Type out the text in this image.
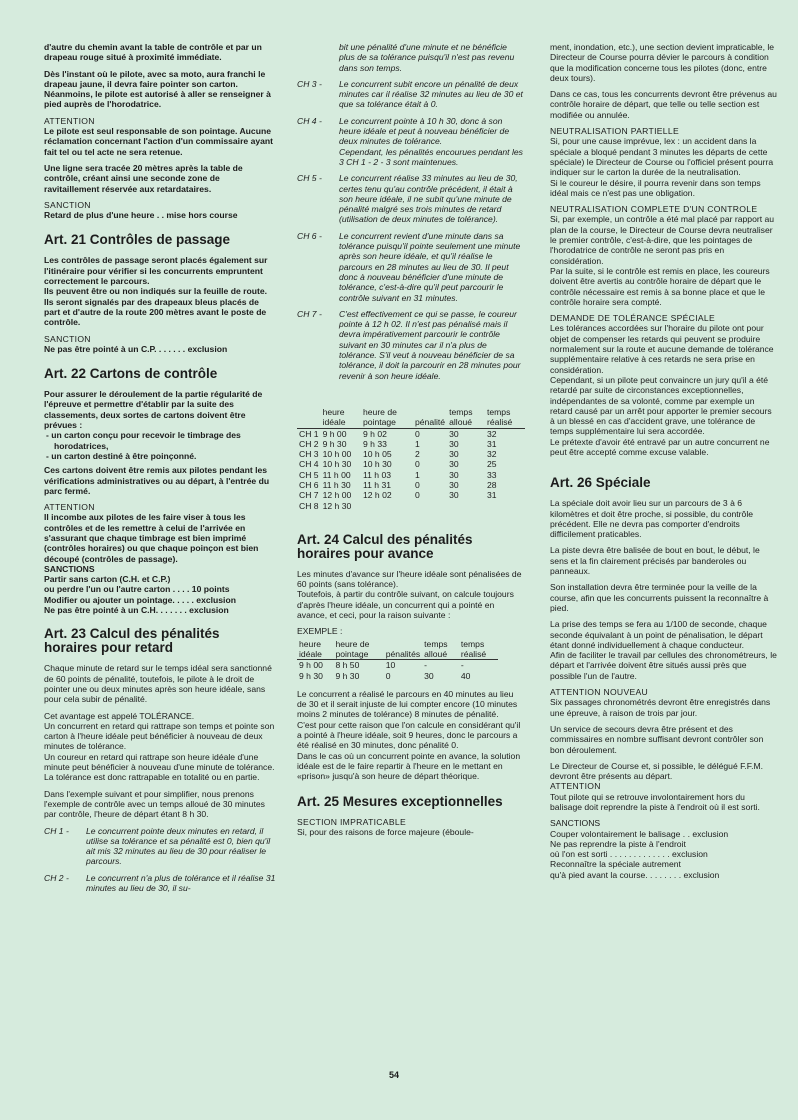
d'autre du chemin avant la table de contrôle et par un drapeau rouge situé à proximité immédiate.

Dès l'instant où le pilote, avec sa moto, aura franchi le drapeau jaune, il devra faire pointer son carton. Néanmoins, le pilote est autorisé à aller se renseigner à pied auprès de l'horodatrice.

ATTENTION

Le pilote est seul responsable de son pointage. Aucune réclamation concernant l'action d'un commissaire ayant fait tel ou tel acte ne sera retenue.

Une ligne sera tracée 20 mètres après la table de contrôle, créant ainsi une seconde zone de ravitaillement réservée aux retardataires.

SANCTION

Retard de plus d'une heure . . mise hors course

Art. 21 Contrôles de passage

Les contrôles de passage seront placés également sur l'itinéraire pour vérifier si les concurrents empruntent correctement le parcours.

Ils peuvent être ou non indiqués sur la feuille de route.

Ils seront signalés par des drapeaux bleus placés de part et d'autre de la route 200 mètres avant le poste de contrôle.

SANCTION

Ne pas être pointé à un C.P. . . . . . . exclusion

Art. 22 Cartons de contrôle

Pour assurer le déroulement de la partie régularité de l'épreuve et permettre d'établir par la suite des classements, deux sortes de cartons doivent être prévues :

- un carton conçu pour recevoir le timbrage des horodatrices,
- un carton destiné à être poinçonné.

Ces cartons doivent être remis aux pilotes pendant les vérifications administratives ou au départ, à l'entrée du parc fermé.

ATTENTION

Il incombe aux pilotes de les faire viser à tous les contrôles et de les remettre à celui de l'arrivée en s'assurant que chaque timbrage est bien imprimé (contrôles horaires) ou que chaque poinçon est bien découpé (contrôles de passage).

SANCTIONS
Partir sans carton (C.H. et C.P.)
ou perdre l'un ou l'autre carton . . . . 10 points
Modifier ou ajouter un pointage. . . . . exclusion
Ne pas être pointé à un C.H. . . . . . . exclusion
Art. 23 Calcul des pénalités horaires pour retard

Chaque minute de retard sur le temps idéal sera sanctionné de 60 points de pénalité, toutefois, le pilote à le droit de pointer une ou deux minutes après son heure idéale, sans pour cela subir de pénalité.

Cet avantage est appelé TOLÉRANCE.

Un concurrent en retard qui rattrape son temps et pointe son carton à l'heure idéale peut bénéficier à nouveau de deux minutes de tolérance.

Un coureur en retard qui rattrape son heure idéale d'une minute peut bénéficier à nouveau d'une minute de tolérance.

La tolérance est donc rattrapable en totalité ou en partie.

Dans l'exemple suivant et pour simplifier, nous prenons l'exemple de contrôle avec un temps alloué de 30 minutes par contrôle, l'heure de départ étant 8 h 30.

CH 1 -	Le concurrent pointe deux minutes en retard, il utilise sa tolérance et sa pénalité est 0, bien qu'il ait mis 32 minutes au lieu de 30 pour réaliser le parcours.
CH 2 -	Le concurrent n'a plus de tolérance et il réalise 31 minutes au lieu de 30, il su-
bit une pénalité d'une minute et ne bénéficie plus de sa tolérance puisqu'il n'est pas revenu dans son temps.
CH 3 -	Le concurrent subit encore un pénalité de deux minutes car il réalise 32 minutes au lieu de 30 et que sa tolérance était à 0.
CH 4 -	Le concurrent pointe à 10 h 30, donc à son heure idéale et peut à nouveau bénéficier de deux minutes de tolérance.
Cependant, les pénalités encourues pendant les 3 CH 1 - 2 - 3 sont maintenues.
CH 5 -	Le concurrent réalise 33 minutes au lieu de 30, certes tenu qu'au contrôle précédent, il était à son heure idéale, il ne subit qu'une minute de pénalité malgré ses trois minutes de retard (utilisation de deux minutes de tolérance).
CH 6 -	Le concurrent revient d'une minute dans sa tolérance puisqu'il pointe seulement une minute après son heure idéale, et qu'il réalise le parcours en 28 minutes au lieu de 30. Il peut donc à nouveau bénéficier d'une minute de tolérance, c'est-à-dire qu'il peut parcourir le contrôle suivant en 31 minutes.
CH 7 -	C'est effectivement ce qui se passe, le coureur pointe à 12 h 02. Il n'est pas pénalisé mais il devra impérativement parcourir le contrôle suivant en 30 minutes car il n'a plus de tolérance. S'il veut à nouveau bénéficier de sa tolérance, il doit la parcourir en 28 minutes pour revenir à son heure idéale.
	heure idéale	heure de pointage	pénalité	temps alloué	temps réalisé
CH 1	9 h 00	9 h 02	0	30	32
CH 2	9 h 30	9 h 33	1	30	31
CH 3	10 h 00	10 h 05	2	30	32
CH 4	10 h 30	10 h 30	0	30	25
CH 5	11 h 00	11 h 03	1	30	33
CH 6	11 h 30	11 h 31	0	30	28
CH 7	12 h 00	12 h 02	0	30	31
CH 8	12 h 30				
Art. 24 Calcul des pénalités horaires pour avance

Les minutes d'avance sur l'heure idéale sont pénalisées de 60 points (sans tolérance).

Toutefois, à partir du contrôle suivant, on calcule toujours d'après l'heure idéale, un concurrent qui a pointé en avance, et ceci, pour la raison suivante :

EXEMPLE :
heure idéale	heure de pointage	pénalités	temps alloué	temps réalisé
9 h 00	8 h 50	10	-	-
9 h 30	9 h 30	0	30	40

Le concurrent a réalisé le parcours en 40 minutes au lieu de 30 et il serait injuste de lui compter encore (10 minutes moins 2 minutes de tolérance) 8 minutes de pénalité.

C'est pour cette raison que l'on calcule en considérant qu'il a pointé à l'heure idéale, soit 9 heures, donc le parcours a été réalisé en 30 minutes, donc pénalité 0.

Dans le cas où un concurrent pointe en avance, la solution idéale est de le faire repartir à l'heure en le mettant en «prison» jusqu'à son heure de départ théorique.

Art. 25 Mesures exceptionnelles
SECTION IMPRATICABLE

Si, pour des raisons de force majeure (éboule-

ment, inondation, etc.), une section devient impraticable, le Directeur de Course pourra dévier le parcours à condition que la modification concerne tous les pilotes (donc, entre deux tours).

Dans ce cas, tous les concurrents devront être prévenus au contrôle horaire de départ, que telle ou telle section est modifiée ou annulée.

NEUTRALISATION PARTIELLE

Si, pour une cause imprévue, lex : un accident dans la spéciale a bloqué pendant 3 minutes les départs de cette spéciale) le Directeur de Course ou l'officiel présent pourra indiquer sur le carton la durée de la neutralisation.

Si le coureur le désire, il pourra revenir dans son temps idéal mais ce n'est pas une obligation.

NEUTRALISATION COMPLETE D'UN CONTROLE

Si, par exemple, un contrôle a été mal placé par rapport au plan de la course, le Directeur de Course devra neutraliser le premier contrôle, c'est-à-dire, que les pointages de l'horodatrice de contrôle ne seront pas pris en considération.

Par la suite, si le contrôle est remis en place, les coureurs doivent être avertis au contrôle horaire de départ que le contrôle nécessaire est remis à sa bonne place et que le contrôle horaire sera compté.

DEMANDE DE TOLÉRANCE SPÉCIALE

Les tolérances accordées sur l'horaire du pilote ont pour objet de compenser les retards qui peuvent se produire normalement sur la route et aucune demande de tolérance supplémentaire relative à ces retards ne sera prise en considération.

Cependant, si un pilote peut convaincre un jury qu'il a été retardé par suite de circonstances exceptionnelles, indépendantes de sa volonté, comme par exemple un retard causé par un arrêt pour apporter le premier secours à un blessé en cas d'accident grave, une tolérance de temps supplémentaire lui sera accordée.

Le prétexte d'avoir été entravé par un autre concurrent ne peut être accepté comme excuse valable.

Art. 26 Spéciale

La spéciale doit avoir lieu sur un parcours de 3 à 6 kilomètres et doit être proche, si possible, du contrôle précédent. Elle ne devra pas comporter d'endroits difficilement praticables.

La piste devra être balisée de bout en bout, le début, le sens et la fin clairement précisés par banderoles ou panneaux.

Son installation devra être terminée pour la veille de la course, afin que les concurrents puissent la reconnaître à pied.

La prise des temps se fera au 1/100 de seconde, chaque seconde équivalant à un point de pénalisation, le départ étant donné individuellement à chaque conducteur.

Afin de faciliter le travail par cellules des chronométreurs, le départ et l'arrivée doivent être situés aussi près que possible l'un de l'autre.

ATTENTION NOUVEAU

Six passages chronométrés devront être enregistrés dans une épreuve, à raison de trois par jour.

Un service de secours devra être présent et des commissaires en nombre suffisant devront contrôler son bon déroulement.

Le Directeur de Course et, si possible, le délégué F.F.M. devront être présents au départ.

ATTENTION

Tout pilote qui se retrouve involontairement hors du balisage doit reprendre la piste à l'endroit où il est sorti.

SANCTIONS
Couper volontairement le balisage . . exclusion
Ne pas reprendre la piste à l'endroit
où l'on est sorti . . . . . . . . . . . . . exclusion
Reconnaître la spéciale autrement
qu'à pied avant la course. . . . . . . . exclusion
54
